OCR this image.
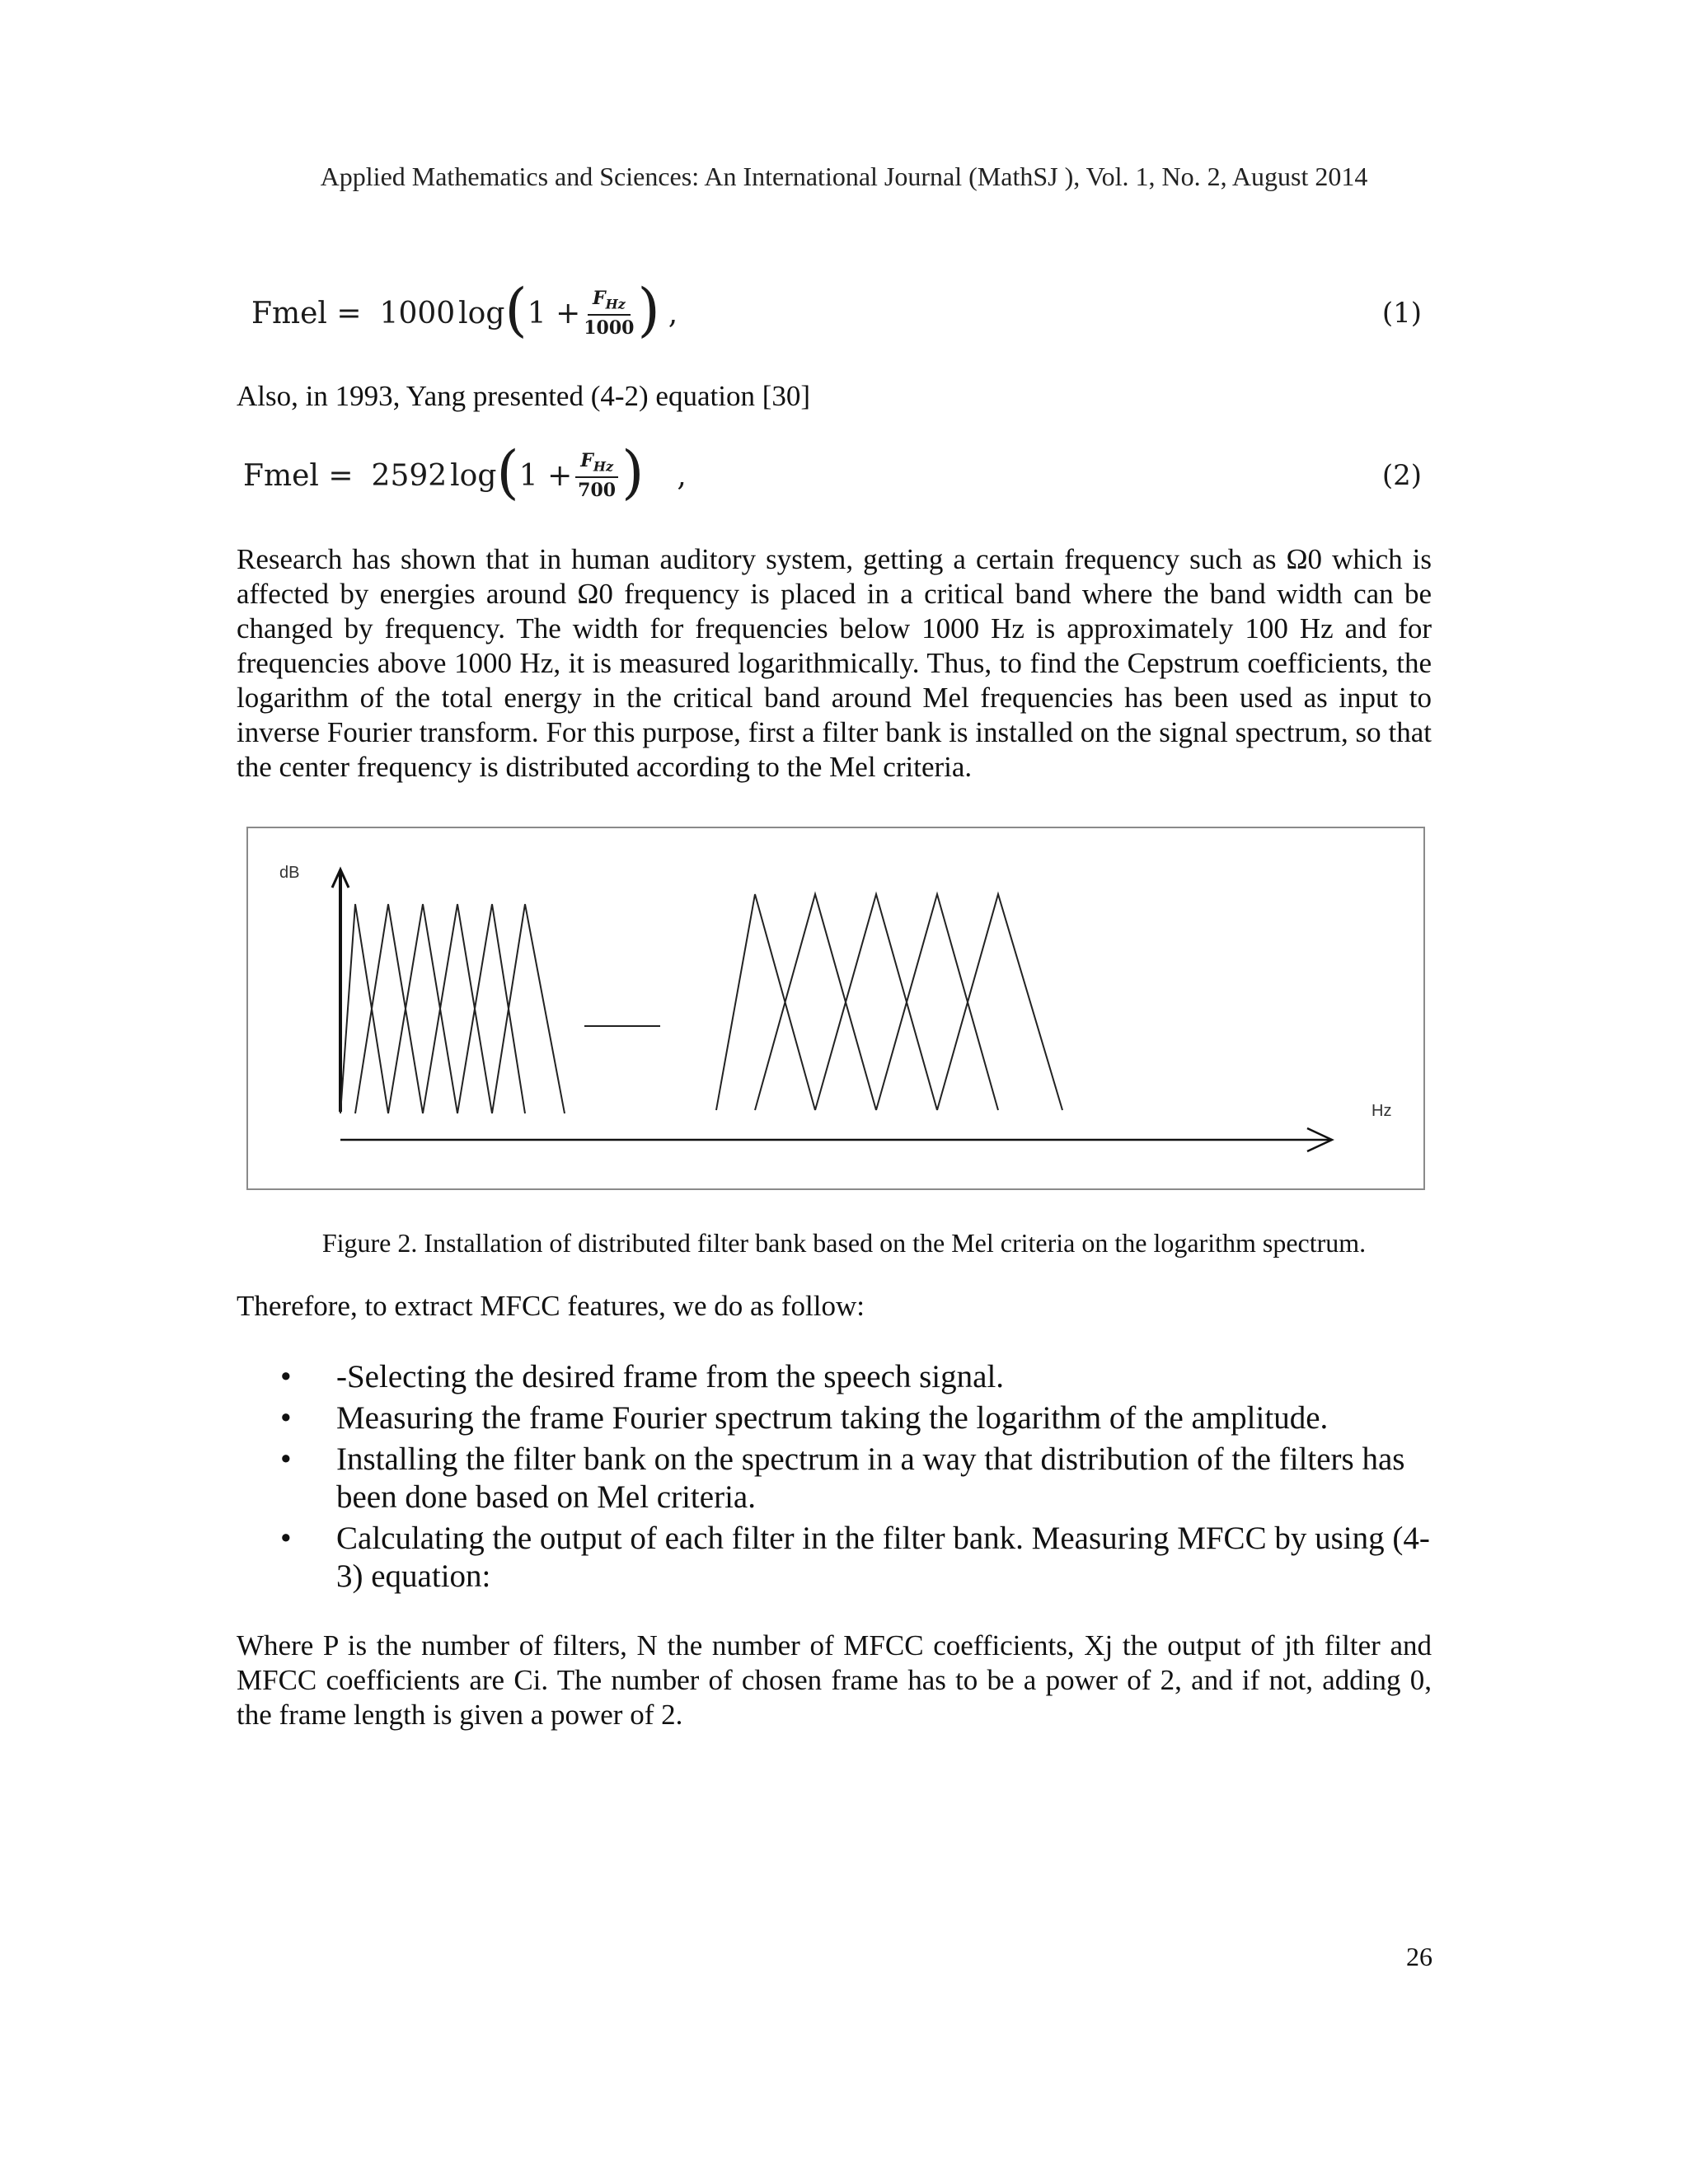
Applied Mathematics and Sciences: An International Journal (MathSJ ), Vol. 1, No. 2, August 2014
Fmel = 1000 log ( $1 + \frac{F_{Hz}}{1000}$ ) ,	(1)
Also, in 1993, Yang presented (4-2) equation [30]
Fmel = 2592 log ( $1 + \frac{F_{Hz}}{700}$ ) ,	(2)
Research has shown that in human auditory system, getting a certain frequency such as Ω0 which is affected by energies around Ω0 frequency is placed in a critical band where the band width can be changed by frequency. The width for frequencies below 1000 Hz is approximately 100 Hz and for frequencies above 1000 Hz, it is measured logarithmically. Thus, to find the Cepstrum coefficients, the logarithm of the total energy in the critical band around Mel frequencies has been used as input to inverse Fourier transform. For this purpose, first a filter bank is installed on the signal spectrum, so that the center frequency is distributed according to the Mel criteria.
dB
Hz
Figure 2. Installation of distributed filter bank based on the Mel criteria on the logarithm spectrum.
Therefore, to extract MFCC features, we do as follow:
• -Selecting the desired frame from the speech signal.
• Measuring the frame Fourier spectrum taking the logarithm of the amplitude.
• Installing the filter bank on the spectrum in a way that distribution of the filters has been done based on Mel criteria.
• Calculating the output of each filter in the filter bank. Measuring MFCC by using (4-3) equation:
Where P is the number of filters, N the number of MFCC coefficients, Xj the output of jth filter and MFCC coefficients are Ci. The number of chosen frame has to be a power of 2, and if not, adding 0, the frame length is given a power of 2.
26
